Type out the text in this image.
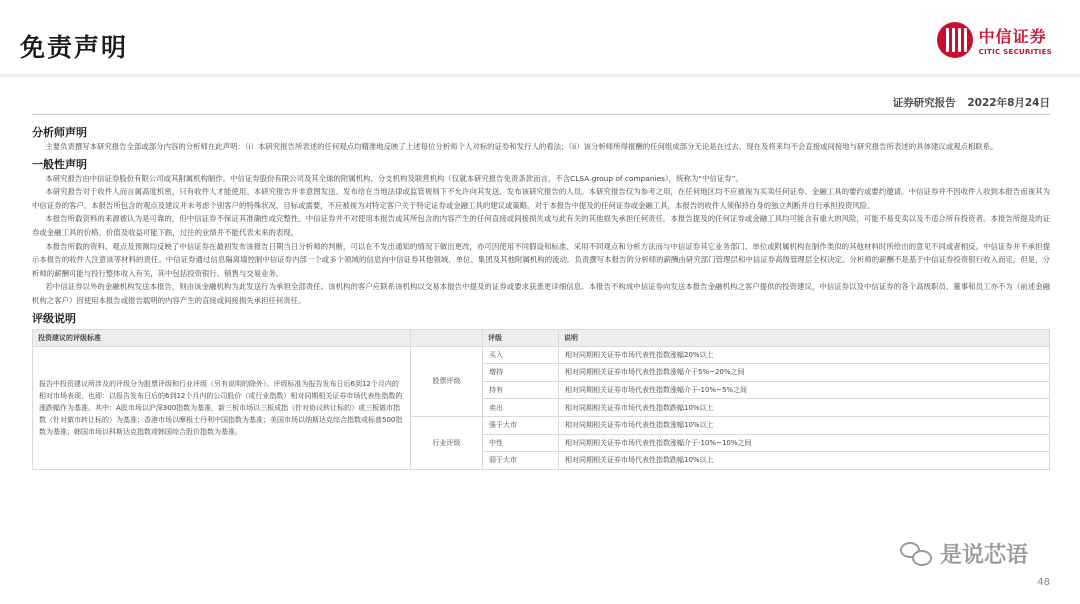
免责声明	中信证券
CITIC SECURITIES
证券研究报告 2022年8月24日
分析师声明
主要负责撰写本研究报告全部或部分内容的分析师在此声明：（i）本研究报告所表述的任何观点均精准地反映了上述每位分析师个人对标的证券和发行人的看法；（ii）该分析师所得报酬的任何组成部分无论是在过去、现在及将来均不会直接或间接地与研究报告所表述的具体建议或观点相联系。
一般性声明
本研究报告由中信证券股份有限公司或其附属机构制作。中信证券股份有限公司及其全球的附属机构、分支机构及联营机构（仅就本研究报告免责条款而言，不含CLSA group of companies），统称为“中信证券”。
本研究报告对于收件人而言属高度机密，只有收件人才能使用。本研究报告并非意图发送、发布给在当地法律或监管规则下不允许向其发送、发布该研究报告的人员。本研究报告仅为参考之用，在任何地区均不应被视为买卖任何证券、金融工具的要约或要约邀请。中信证券并不因收件人收到本报告而视其为中信证券的客户。本报告所包含的观点及建议并未考虑个别客户的特殊状况、目标或需要，不应被视为对特定客户关于特定证券或金融工具的建议或策略。对于本报告中提及的任何证券或金融工具，本报告的收件人须保持自身的独立判断并自行承担投资风险。
本报告所载资料的来源被认为是可靠的，但中信证券不保证其准确性或完整性。中信证券并不对使用本报告或其所包含的内容产生的任何直接或间接损失或与此有关的其他损失承担任何责任。本报告提及的任何证券或金融工具均可能含有重大的风险，可能不易变卖以及不适合所有投资者。本报告所提及的证券或金融工具的价格、价值及收益可能下跌，过往的业绩并不能代表未来的表现。
本报告所载的资料、观点及预测均反映了中信证券在最初发布该报告日期当日分析师的判断，可以在不发出通知的情况下做出更改，亦可因使用不同假设和标准、采用不同观点和分析方法而与中信证券其它业务部门、单位或附属机构在制作类似的其他材料时所给出的意见不同或者相反。中信证券并不承担提示本报告的收件人注意该等材料的责任。中信证券通过信息隔离墙控制中信证券内部一个或多个领域的信息向中信证券其他领域、单位、集团及其他附属机构的流动。负责撰写本报告的分析师的薪酬由研究部门管理层和中信证券高级管理层全权决定。分析师的薪酬不是基于中信证券投资银行收入而定，但是，分析师的薪酬可能与投行整体收入有关，其中包括投资银行、销售与交易业务。
若中信证券以外的金融机构发送本报告，则由该金融机构为此发送行为承担全部责任。该机构的客户应联系该机构以交易本报告中提及的证券或要求获悉更详细信息。本报告不构成中信证券向发送本报告金融机构之客户提供的投资建议，中信证券以及中信证券的各个高级职员、董事和员工亦不为（前述金融机构之客户）因使用本报告或报告载明的内容产生的直接或间接损失承担任何责任。
评级说明
投资建议的评级标准		评级	说明
报告中投资建议所涉及的评级分为股票评级和行业评级（另有说明的除外）。评级标准为报告发布日后6到12个月内的相对市场表现，也即：以报告发布日后的6到12个月内的公司股价（或行业指数）相对同期相关证券市场代表性指数的涨跌幅作为基准。其中：A股市场以沪深300指数为基准，新三板市场以三板成指（针对协议转让标的）或三板做市指数（针对做市转让标的）为基准；香港市场以摩根士丹利中国指数为基准；美国市场以纳斯达克综合指数或标普500指数为基准；韩国市场以科斯达克指数或韩国综合股价指数为基准。	股票评级	买入	相对同期相关证券市场代表性指数涨幅20%以上
		增持	相对同期相关证券市场代表性指数涨幅介于5%~20%之间
		持有	相对同期相关证券市场代表性指数涨幅介于-10%~5%之间
		卖出	相对同期相关证券市场代表性指数跌幅10%以上
	行业评级	强于大市	相对同期相关证券市场代表性指数涨幅10%以上
		中性	相对同期相关证券市场代表性指数涨幅介于-10%~10%之间
		弱于大市	相对同期相关证券市场代表性指数跌幅10%以上
是说芯语
48
